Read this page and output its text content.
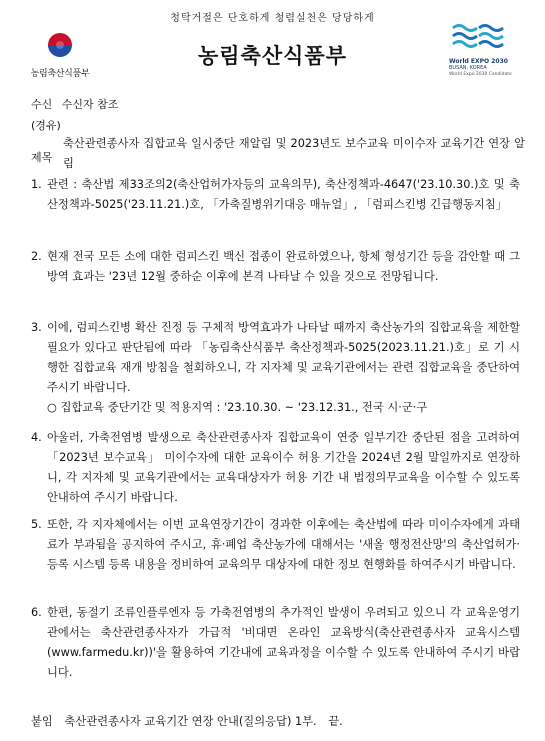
청탁거절은 단호하게 청렴실천은 당당하게
농림축산식품부
농림축산식품부	World EXPO 2030
BUSAN, KOREA
World Expo 2030 Candidate
수신 수신자 참조
(경유)
제목
축산관련종사자 집합교육 일시중단 재알림 및 2023년도 보수교육 미이수자 교육기간 연장 알림
1. 관련 : 축산법 제33조의2(축산업허가자등의 교육의무), 축산정책과-4647('23.10.30.)호 및 축산정책과-5025('23.11.21.)호, 「가축질병위기대응 매뉴얼」, 「럼피스킨병 긴급행동지침」
2. 현재 전국 모든 소에 대한 럼피스킨 백신 접종이 완료하였으나, 항체 형성기간 등을 감안할 때 그 방역 효과는 '23년 12월 중하순 이후에 본격 나타날 수 있을 것으로 전망됩니다.
3. 이에, 럼피스킨병 확산 진정 등 구체적 방역효과가 나타날 때까지 축산농가의 집합교육을 제한할 필요가 있다고 판단됨에 따라 「농림축산식품부 축산정책과-5025(2023.11.21.)호」로 기 시행한 집합교육 재개 방침을 철회하오니, 각 지자체 및 교육기관에서는 관련 집합교육을 중단하여 주시기 바랍니다.
○ 집합교육 중단기간 및 적용지역 : '23.10.30. ~ '23.12.31., 전국 시·군·구
4. 아울러, 가축전염병 발생으로 축산관련종사자 집합교육이 연중 일부기간 중단된 점을 고려하여 「2023년 보수교육」 미이수자에 대한 교육이수 허용 기간을 2024년 2월 말일까지로 연장하니, 각 지자체 및 교육기관에서는 교육대상자가 허용 기간 내 법정의무교육을 이수할 수 있도록 안내하여 주시기 바랍니다.
5. 또한, 각 지자체에서는 이번 교육연장기간이 경과한 이후에는 축산법에 따라 미이수자에게 과태료가 부과됨을 공지하여 주시고, 휴·폐업 축산농가에 대해서는 '새올 행정전산망'의 축산업허가·등록 시스템 등록 내용을 정비하여 교육의무 대상자에 대한 정보 현행화를 하여주시기 바랍니다.
6. 한편, 동절기 조류인플루엔자 등 가축전염병의 추가적인 발생이 우려되고 있으니 각 교육운영기관에서는 축산관련종사자가 가급적 '비대면 온라인 교육방식(축산관련종사자 교육시스템(www.farmedu.kr))'을 활용하여 기간내에 교육과정을 이수할 수 있도록 안내하여 주시기 바랍니다.
붙임 축산관련종사자 교육기간 연장 안내(질의응답) 1부. 끝.
